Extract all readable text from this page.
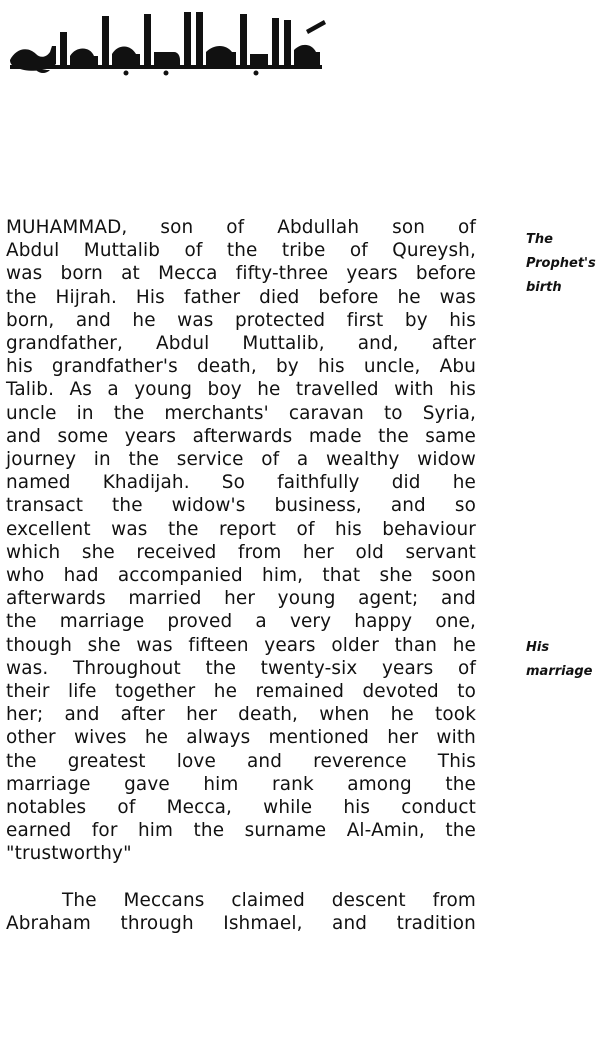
MUHAMMAD, son of Abdullah son of
Abdul Muttalib of the tribe of Qureysh,
was born at Mecca fifty-three years before
the Hijrah. His father died before he was
born, and he was protected first by his
grandfather, Abdul Muttalib, and, after
his grandfather's death, by his uncle, Abu
Talib. As a young boy he travelled with his
uncle in the merchants' caravan to Syria,
and some years afterwards made the same
journey in the service of a wealthy widow
named Khadijah. So faithfully did he
transact the widow's business, and so
excellent was the report of his behaviour
which she received from her old servant
who had accompanied him, that she soon
afterwards married her young agent; and
the marriage proved a very happy one,
though she was fifteen years older than he
was. Throughout the twenty-six years of
their life together he remained devoted to
her; and after her death, when he took
other wives he always mentioned her with
the greatest love and reverence This
marriage gave him rank among the
notables of Mecca, while his conduct
earned for him the surname Al-Amin, the
"trustworthy"
The Meccans claimed descent from
Abraham through Ishmael, and tradition
The
Prophet's
birth
His
marriage
